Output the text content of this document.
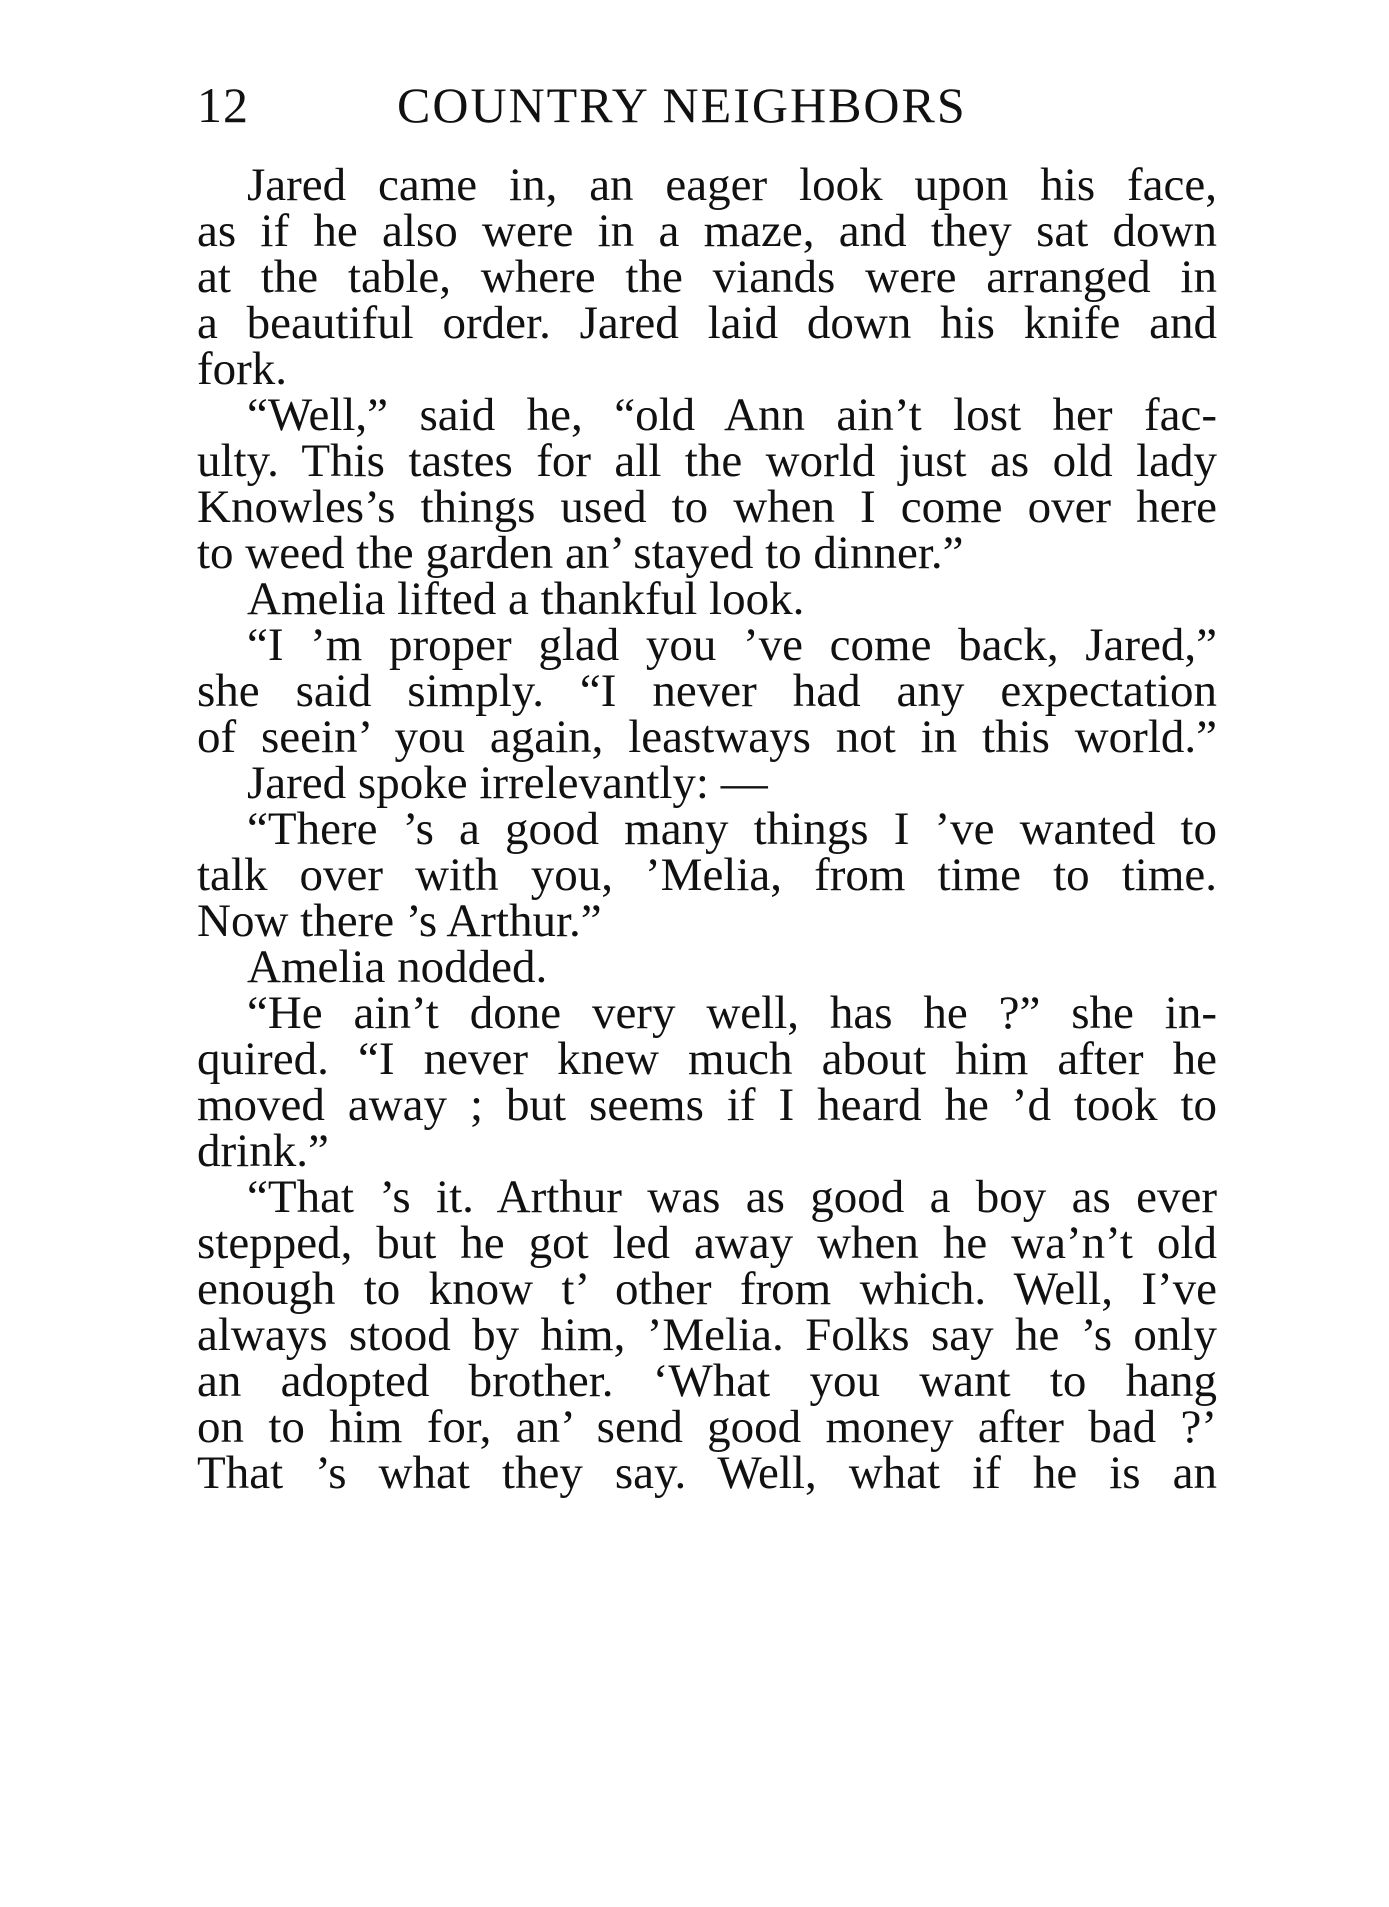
12	COUNTRY NEIGHBORS
Jared came in, an eager look upon his face,
as if he also were in a maze, and they sat down
at the table, where the viands were arranged in
a beautiful order. Jared laid down his knife and
fork.
“Well,” said he, “old Ann ain’t lost her fac-
ulty. This tastes for all the world just as old lady
Knowles’s things used to when I come over here
to weed the garden an’ stayed to dinner.”
Amelia lifted a thankful look.
“I ’m proper glad you ’ve come back, Jared,”
she said simply. “I never had any expectation
of seein’ you again, leastways not in this world.”
Jared spoke irrelevantly: —
“There ’s a good many things I ’ve wanted to
talk over with you, ’Melia, from time to time.
Now there ’s Arthur.”
Amelia nodded.
“He ain’t done very well, has he ?” she in-
quired. “I never knew much about him after he
moved away ; but seems if I heard he ’d took to
drink.”
“That ’s it. Arthur was as good a boy as ever
stepped, but he got led away when he wa’n’t old
enough to know t’ other from which. Well, I’ve
always stood by him, ’Melia. Folks say he ’s only
an adopted brother. ‘What you want to hang
on to him for, an’ send good money after bad ?’
That ’s what they say. Well, what if he is an
